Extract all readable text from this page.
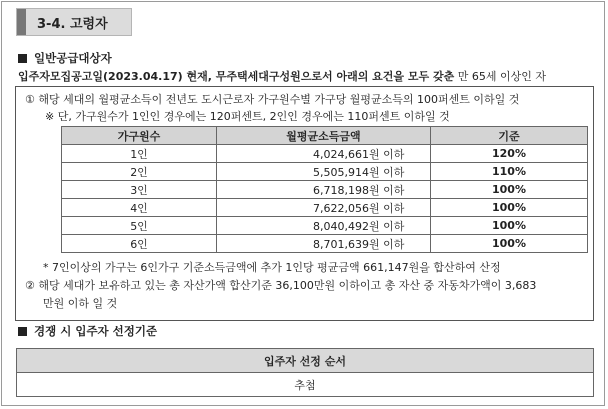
3-4. 고령자
일반공급대상자
입주자모집공고일(2023.04.17) 현재, 무주택세대구성원으로서 아래의 요건을 모두 갖춘 만 65세 이상인 자
① 해당 세대의 월평균소득이 전년도 도시근로자 가구원수별 가구당 월평균소득의 100퍼센트 이하일 것
※ 단, 가구원수가 1인인 경우에는 120퍼센트, 2인인 경우에는 110퍼센트 이하일 것
가구원수	월평균소득금액	기준
1인	4,024,661원 이하	120%
2인	5,505,914원 이하	110%
3인	6,718,198원 이하	100%
4인	7,622,056원 이하	100%
5인	8,040,492원 이하	100%
6인	8,701,639원 이하	100%
* 7인이상의 가구는 6인가구 기준소득금액에 추가 1인당 평균금액 661,147원을 합산하여 산정
② 해당 세대가 보유하고 있는 총 자산가액 합산기준 36,100만원 이하이고 총 자산 중 자동차가액이 3,683
만원 이하 일 것
경쟁 시 입주자 선정기준
입주자 선정 순서
추첨
